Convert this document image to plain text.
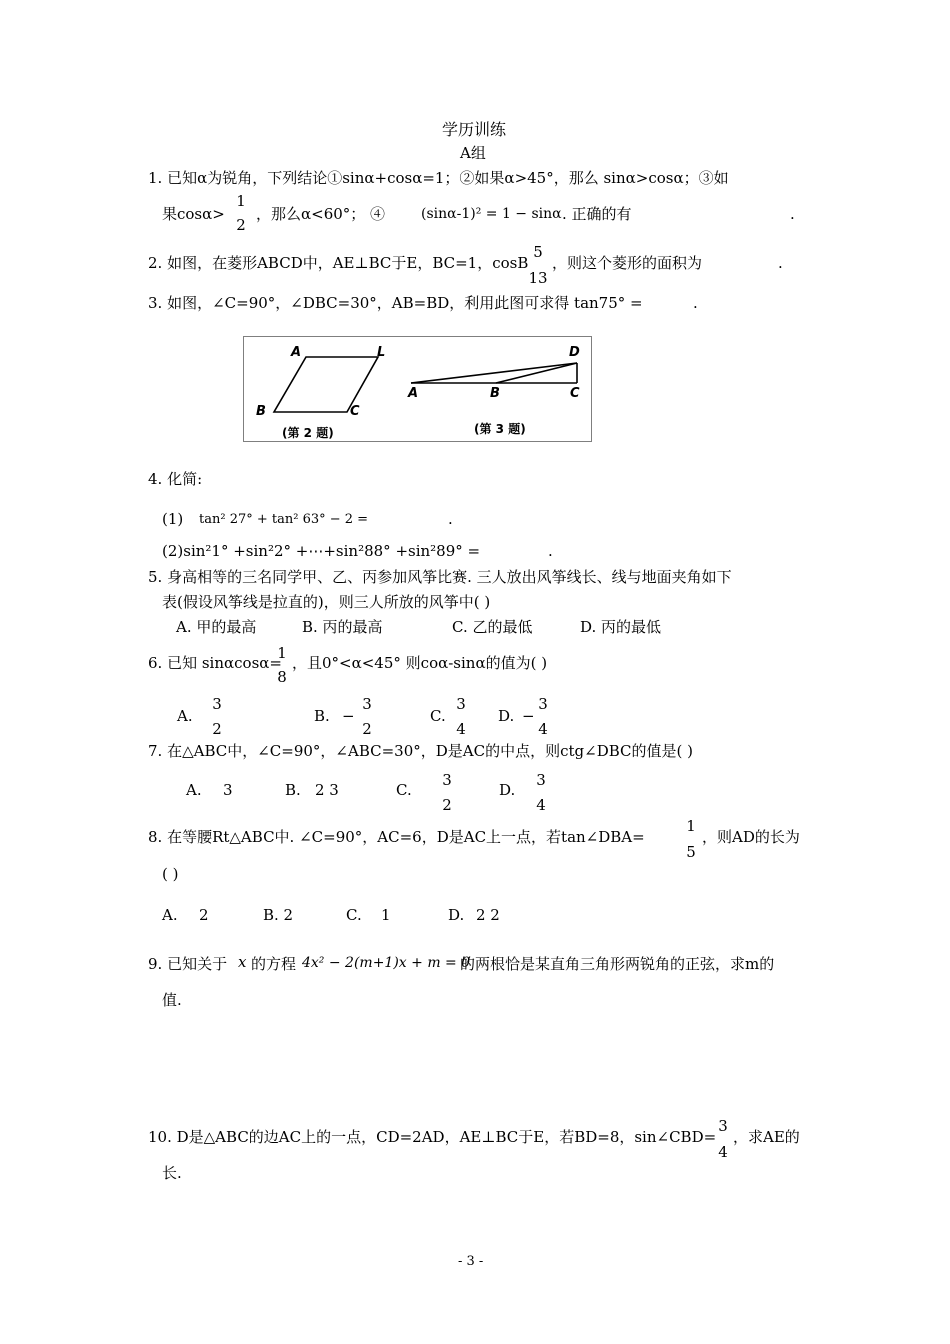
学历训练
A组
1. 已知α为锐角，下列结论①sinα+cosα=1；②如果α>45°，那么 sinα>cosα；③如
果cosα>
1
2
，那么α<60°； ④	(sinα-1)² = 1 − sinα . 正确的有	.
2. 如图，在菱形ABCD中，AE⊥BC于E，BC=1，cosB
5
13
，则这个菱形的面积为	.
3. 如图，∠C=90°，∠DBC=30°，AB=BD，利用此图可求得 tan75° =	.
A	L
B	C
(第 2 题)
D
A	B	C
(第 3 题)
4. 化简:
(1) tan² 27° + tan² 63° − 2 =	.
(2)sin²1° +sin²2° +⋯+sin²88° +sin²89° =	.
5. 身高相等的三名同学甲、乙、丙参加风筝比赛. 三人放出风筝线长、线与地面夹角如下
表(假设风筝线是拉直的)，则三人所放的风筝中( )
A. 甲的最高	B. 丙的最高	C. 乙的最低	D. 丙的最低
6. 已知 sinαcosα=
1
8
，且0°<α<45° 则coα-sinα的值为( )
A.
3
2
B. −
3
2
C.
3
4
D. −
3
4
7. 在△ABC中，∠C=90°，∠ABC=30°，D是AC的中点，则ctg∠DBC的值是( )
A. 3	B. 2 3	C.
3
2
D.
3
4
8. 在等腰Rt△ABC中. ∠C=90°，AC=6，D是AC上一点，若tan∠DBA=
1
5
，则AD的长为
( )
A. 2	B. 2	C. 1	D. 2 2
9. 已知关于 x 的方程 4x² − 2(m+1)x + m = 0
的两根恰是某直角三角形两锐角的正弦，求m的
值.
10. D是△ABC的边AC上的一点，CD=2AD，AE⊥BC于E，若BD=8，sin∠CBD=
3
4
，求AE的
长.
- 3 -
